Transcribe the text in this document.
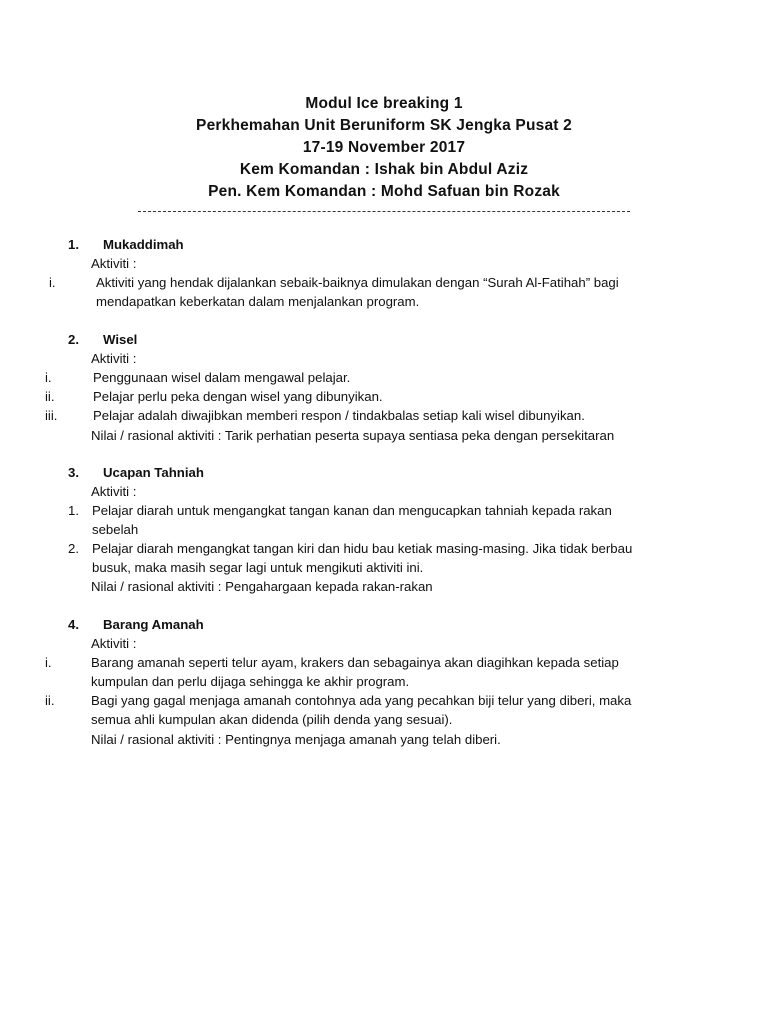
Modul Ice breaking 1
Perkhemahan Unit Beruniform SK Jengka Pusat 2
17-19 November 2017
Kem Komandan : Ishak bin Abdul Aziz
Pen. Kem Komandan : Mohd Safuan bin Rozak
1. Mukaddimah
Aktiviti :
i.	Aktiviti yang hendak dijalankan sebaik-baiknya dimulakan dengan “Surah Al-Fatihah” bagi
mendapatkan keberkatan dalam menjalankan program.
2. Wisel
Aktiviti :
i.	Penggunaan wisel dalam mengawal pelajar.
ii.	Pelajar perlu peka dengan wisel yang dibunyikan.
iii.	Pelajar adalah diwajibkan memberi respon / tindakbalas setiap kali wisel dibunyikan.
Nilai / rasional aktiviti : Tarik perhatian peserta supaya sentiasa peka dengan persekitaran
3. Ucapan Tahniah
Aktiviti :
1. Pelajar diarah untuk mengangkat tangan kanan dan mengucapkan tahniah kepada rakan
sebelah
2. Pelajar diarah mengangkat tangan kiri dan hidu bau ketiak masing-masing. Jika tidak berbau
busuk, maka masih segar lagi untuk mengikuti aktiviti ini.
Nilai / rasional aktiviti : Pengahargaan kepada rakan-rakan
4. Barang Amanah
Aktiviti :
i.	Barang amanah seperti telur ayam, krakers dan sebagainya akan diagihkan kepada setiap
kumpulan dan perlu dijaga sehingga ke akhir program.
ii.	Bagi yang gagal menjaga amanah contohnya ada yang pecahkan biji telur yang diberi, maka
semua ahli kumpulan akan didenda (pilih denda yang sesuai).
Nilai / rasional aktiviti : Pentingnya menjaga amanah yang telah diberi.
